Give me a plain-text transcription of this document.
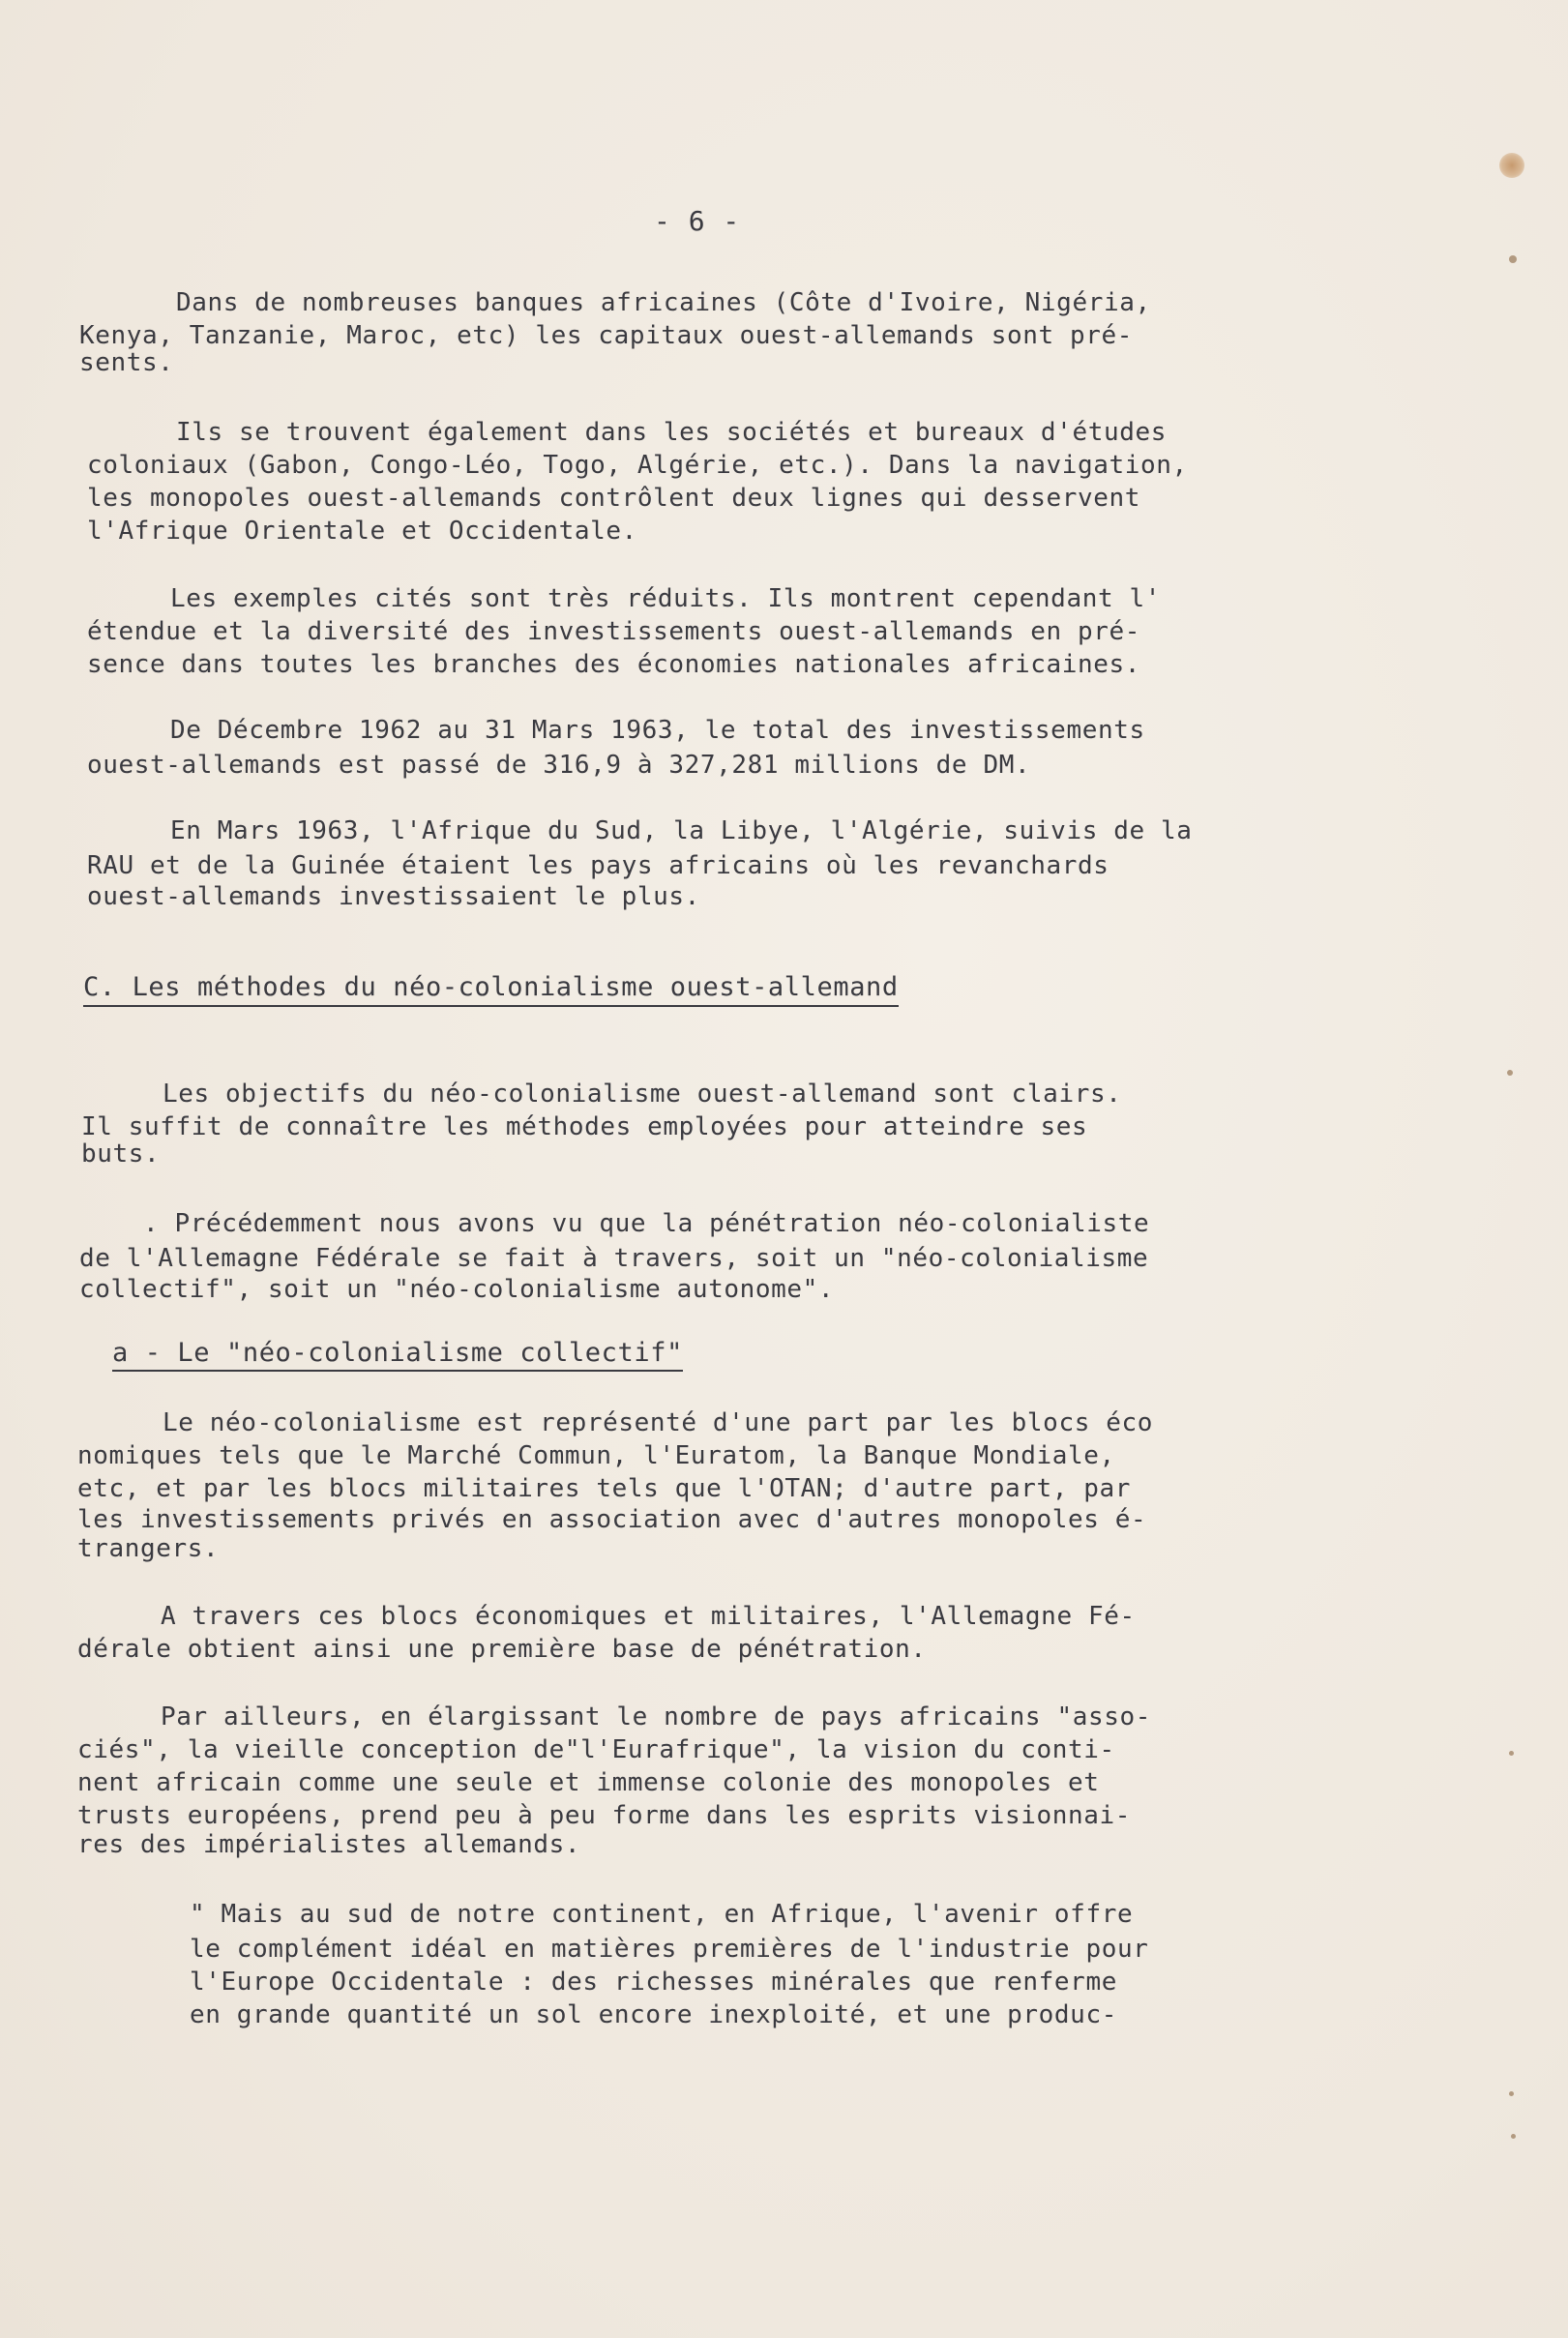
- 6 -
Dans de nombreuses banques africaines (Côte d'Ivoire, Nigéria,
Kenya, Tanzanie, Maroc, etc) les capitaux ouest-allemands sont pré-
sents.
Ils se trouvent également dans les sociétés et bureaux d'études
coloniaux (Gabon, Congo-Léo, Togo, Algérie, etc.). Dans la navigation,
les monopoles ouest-allemands contrôlent deux lignes qui desservent
l'Afrique Orientale et Occidentale.
Les exemples cités sont très réduits. Ils montrent cependant l'
étendue et la diversité des investissements ouest-allemands en pré-
sence dans toutes les branches des économies nationales africaines.
De Décembre 1962 au 31 Mars 1963, le total des investissements
ouest-allemands est passé de 316,9 à 327,281 millions de DM.
En Mars 1963, l'Afrique du Sud, la Libye, l'Algérie, suivis de la
RAU et de la Guinée étaient les pays africains où les revanchards
ouest-allemands investissaient le plus.
C. Les méthodes du néo-colonialisme ouest-allemand
Les objectifs du néo-colonialisme ouest-allemand sont clairs.
Il suffit de connaître les méthodes employées pour atteindre ses
buts.
. Précédemment nous avons vu que la pénétration néo-colonialiste
de l'Allemagne Fédérale se fait à travers, soit un "néo-colonialisme
collectif", soit un "néo-colonialisme autonome".
a - Le "néo-colonialisme collectif"
Le néo-colonialisme est représenté d'une part par les blocs éco
nomiques tels que le Marché Commun, l'Euratom, la Banque Mondiale,
etc, et par les blocs militaires tels que l'OTAN; d'autre part, par
les investissements privés en association avec d'autres monopoles é-
trangers.
A travers ces blocs économiques et militaires, l'Allemagne Fé-
dérale obtient ainsi une première base de pénétration.
Par ailleurs, en élargissant le nombre de pays africains "asso-
ciés", la vieille conception de"l'Eurafrique", la vision du conti-
nent africain comme une seule et immense colonie des monopoles et
trusts européens, prend peu à peu forme dans les esprits visionnai-
res des impérialistes allemands.
" Mais au sud de notre continent, en Afrique, l'avenir offre
le complément idéal en matières premières de l'industrie pour
l'Europe Occidentale : des richesses minérales que renferme
en grande quantité un sol encore inexploité, et une produc-
